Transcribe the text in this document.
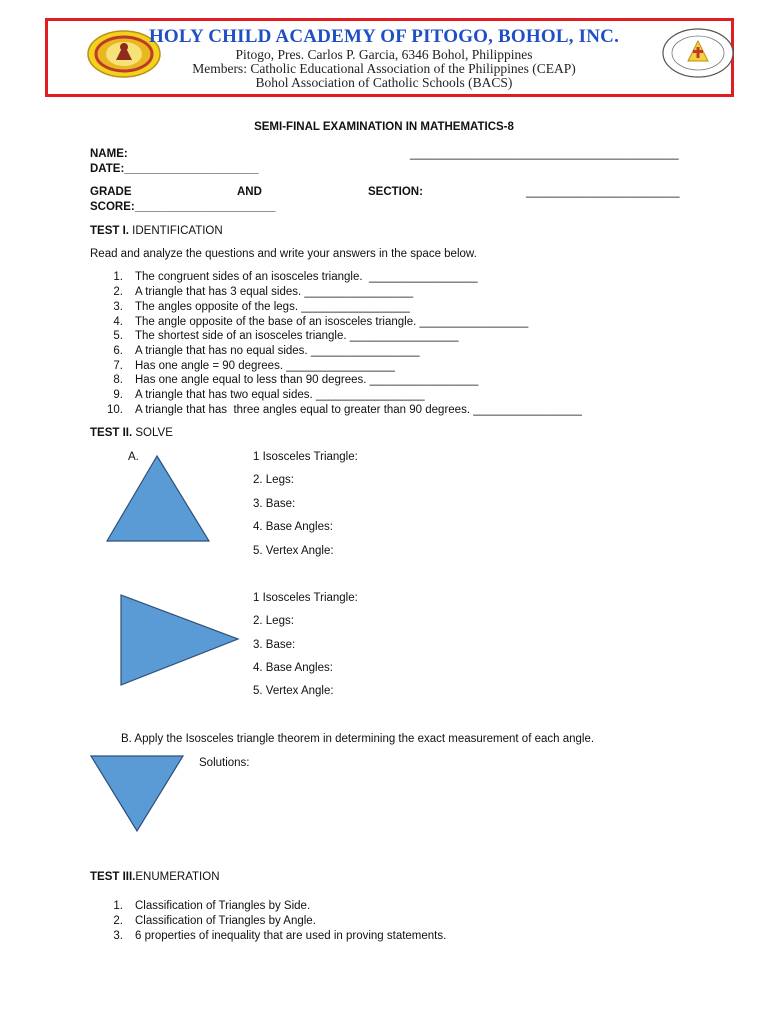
HOLY CHILD ACADEMY OF PITOGO, BOHOL, INC.
Pitogo, Pres. Carlos P. Garcia, 6346 Bohol, Philippines
Members: Catholic Educational Association of the Philippines (CEAP)
Bohol Association of Catholic Schools (BACS)
SEMI-FINAL EXAMINATION IN MATHEMATICS-8
NAME:	__________________________________________
DATE:_____________________
GRADE	AND	SECTION:	________________________
SCORE:______________________
TEST I. IDENTIFICATION
Read and analyze the questions and write your answers in the space below.
1. The congruent sides of an isosceles triangle.  _________________
2. A triangle that has 3 equal sides. _________________
3. The angles opposite of the legs. _________________
4. The angle opposite of the base of an isosceles triangle. _________________
5. The shortest side of an isosceles triangle. _________________
6. A triangle that has no equal sides. _________________
7. Has one angle = 90 degrees. _________________
8. Has one angle equal to less than 90 degrees. _________________
9. A triangle that has two equal sides. _________________
10. A triangle that has  three angles equal to greater than 90 degrees. _________________
TEST II. SOLVE
A.	1 Isosceles Triangle:
2. Legs:
3. Base:
4. Base Angles:
5. Vertex Angle:
1 Isosceles Triangle:
2. Legs:
3. Base:
4. Base Angles:
5. Vertex Angle:
B. Apply the Isosceles triangle theorem in determining the exact measurement of each angle.
Solutions:
TEST III.ENUMERATION
1. Classification of Triangles by Side.
2. Classification of Triangles by Angle.
3. 6 properties of inequality that are used in proving statements.
